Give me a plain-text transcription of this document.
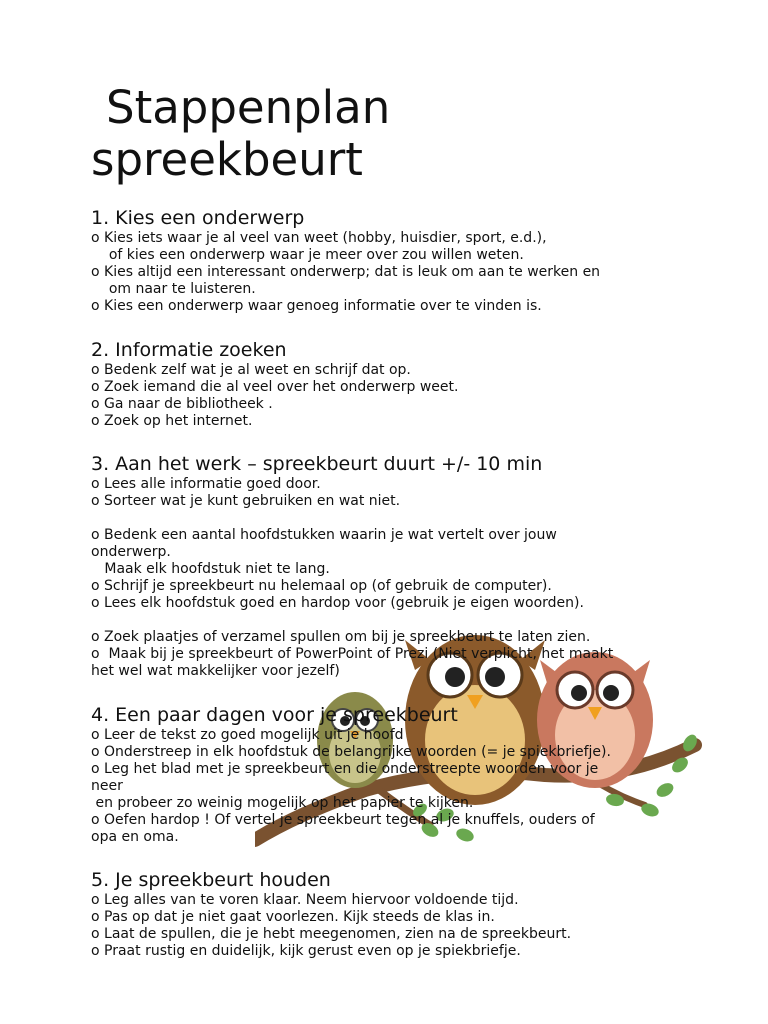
Stappenplan
spreekbeurt
1. Kies een onderwerp

o Kies iets waar je al veel van weet (hobby, huisdier, sport, e.d.),

of kies een onderwerp waar je meer over zou willen weten.

o Kies altijd een interessant onderwerp; dat is leuk om aan te werken en

om naar te luisteren.

o Kies een onderwerp waar genoeg informatie over te vinden is.

2. Informatie zoeken

o Bedenk zelf wat je al weet en schrijf dat op.

o Zoek iemand die al veel over het onderwerp weet.

o Ga naar de bibliotheek .

o Zoek op het internet.

3. Aan het werk – spreekbeurt duurt +/- 10 min

o Lees alle informatie goed door.

o Sorteer wat je kunt gebruiken en wat niet.

o Bedenk een aantal hoofdstukken waarin je wat vertelt over jouw

onderwerp.

Maak elk hoofdstuk niet te lang.

o Schrijf je spreekbeurt nu helemaal op (of gebruik de computer).

o Lees elk hoofdstuk goed en hardop voor (gebruik je eigen woorden).

o Zoek plaatjes of verzamel spullen om bij je spreekbeurt te laten zien.

o  Maak bij je spreekbeurt of PowerPoint of Prezi (Niet verplicht, het maakt

het wel wat makkelijker voor jezelf)

4. Een paar dagen voor je spreekbeurt

o Leer de tekst zo goed mogelijk uit je hoofd

o Onderstreep in elk hoofdstuk de belangrijke woorden (= je spiekbriefje).

o Leg het blad met je spreekbeurt en die onderstreepte woorden voor je

neer

en probeer zo weinig mogelijk op het papier te kijken.

o Oefen hardop ! Of vertel je spreekbeurt tegen al je knuffels, ouders of

opa en oma.

5. Je spreekbeurt houden

o Leg alles van te voren klaar. Neem hiervoor voldoende tijd.

o Pas op dat je niet gaat voorlezen. Kijk steeds de klas in.

o Laat de spullen, die je hebt meegenomen, zien na de spreekbeurt.

o Praat rustig en duidelijk, kijk gerust even op je spiekbriefje.
